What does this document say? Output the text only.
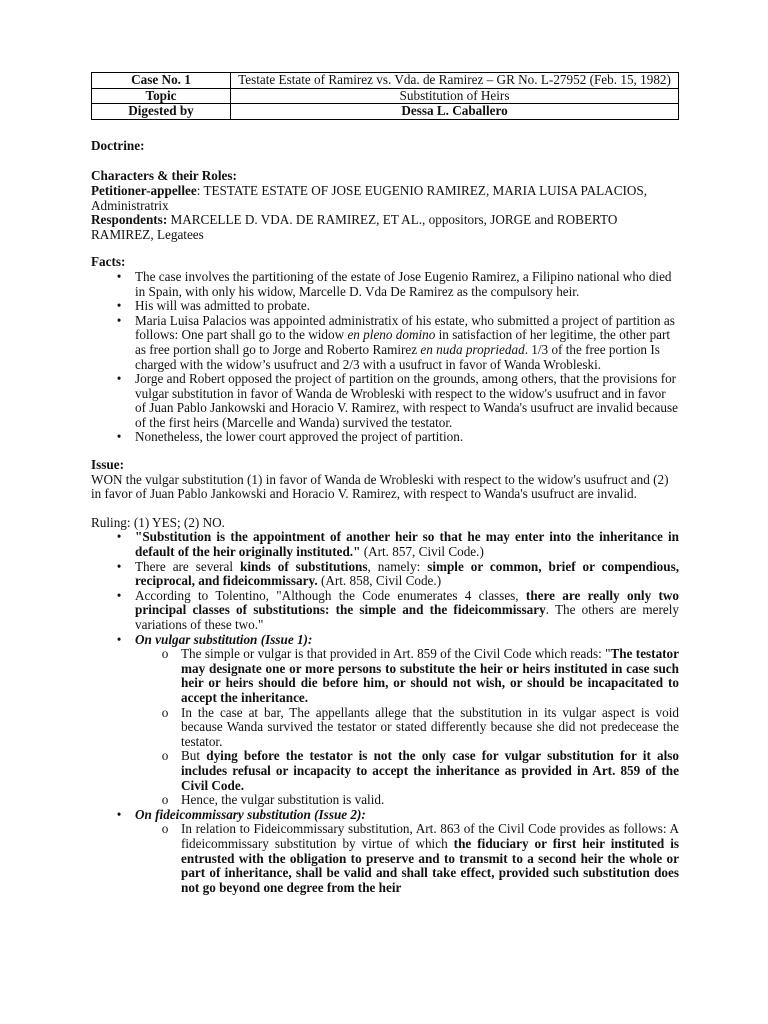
Case No. 1	Testate Estate of Ramirez vs. Vda. de Ramirez – GR No. L-27952 (Feb. 15, 1982)
Topic	Substitution of Heirs
Digested by	Dessa L. Caballero
Doctrine:
Characters & their Roles:
Petitioner-appellee: TESTATE ESTATE OF JOSE EUGENIO RAMIREZ, MARIA LUISA PALACIOS, Administratrix
Respondents: MARCELLE D. VDA. DE RAMIREZ, ET AL., oppositors, JORGE and ROBERTO RAMIREZ, Legatees
Facts:
• The case involves the partitioning of the estate of Jose Eugenio Ramirez, a Filipino national who died in Spain, with only his widow, Marcelle D. Vda De Ramirez as the compulsory heir.
• His will was admitted to probate.
• Maria Luisa Palacios was appointed administratix of his estate, who submitted a project of partition as follows: One part shall go to the widow en pleno domino in satisfaction of her legitime, the other part as free portion shall go to Jorge and Roberto Ramirez en nuda propriedad. 1/3 of the free portion Is charged with the widow’s usufruct and 2/3 with a usufruct in favor of Wanda Wrobleski.
• Jorge and Robert opposed the project of partition on the grounds, among others, that the provisions for vulgar substitution in favor of Wanda de Wrobleski with respect to the widow's usufruct and in favor of Juan Pablo Jankowski and Horacio V. Ramirez, with respect to Wanda's usufruct are invalid because of the first heirs (Marcelle and Wanda) survived the testator.
• Nonetheless, the lower court approved the project of partition.
Issue:
WON the vulgar substitution (1) in favor of Wanda de Wrobleski with respect to the widow's usufruct and (2) in favor of Juan Pablo Jankowski and Horacio V. Ramirez, with respect to Wanda's usufruct are invalid.
Ruling: (1) YES; (2) NO.
• "Substitution is the appointment of another heir so that he may enter into the inheritance in default of the heir originally instituted." (Art. 857, Civil Code.)
• There are several kinds of substitutions, namely: simple or common, brief or compendious, reciprocal, and fideicommissary. (Art. 858, Civil Code.)
• According to Tolentino, "Although the Code enumerates 4 classes, there are really only two principal classes of substitutions: the simple and the fideicommissary. The others are merely variations of these two."
• On vulgar substitution (Issue 1):
o The simple or vulgar is that provided in Art. 859 of the Civil Code which reads: "The testator may designate one or more persons to substitute the heir or heirs instituted in case such heir or heirs should die before him, or should not wish, or should be incapacitated to accept the inheritance.
o In the case at bar, The appellants allege that the substitution in its vulgar aspect is void because Wanda survived the testator or stated differently because she did not predecease the testator.
o But dying before the testator is not the only case for vulgar substitution for it also includes refusal or incapacity to accept the inheritance as provided in Art. 859 of the Civil Code.
o Hence, the vulgar substitution is valid.
• On fideicommissary substitution (Issue 2):
o In relation to Fideicommissary substitution, Art. 863 of the Civil Code provides as follows: A fideicommissary substitution by virtue of which the fiduciary or first heir instituted is entrusted with the obligation to preserve and to transmit to a second heir the whole or part of inheritance, shall be valid and shall take effect, provided such substitution does not go beyond one degree from the heir
